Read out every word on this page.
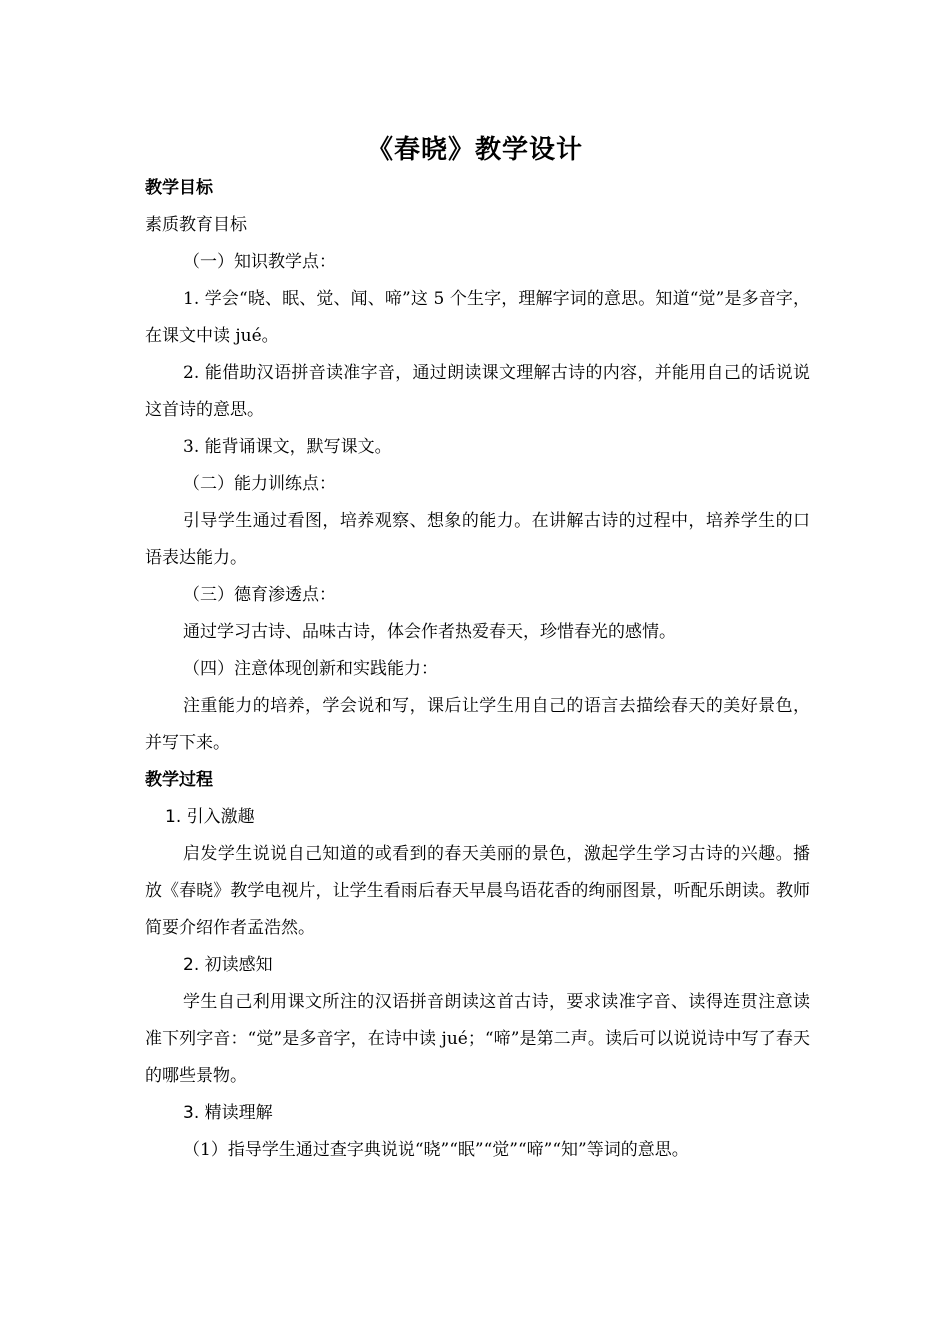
《春晓》教学设计

教学目标

素质教育目标

（一）知识教学点：

1. 学会“晓、眠、觉、闻、啼”这 5 个生字，理解字词的意思。知道“觉”是多音字，在课文中读 jué。

2. 能借助汉语拼音读准字音，通过朗读课文理解古诗的内容，并能用自己的话说说这首诗的意思。

3. 能背诵课文，默写课文。

（二）能力训练点：

引导学生通过看图，培养观察、想象的能力。在讲解古诗的过程中，培养学生的口语表达能力。

（三）德育渗透点：

通过学习古诗、品味古诗，体会作者热爱春天，珍惜春光的感情。

（四）注意体现创新和实践能力：

注重能力的培养，学会说和写，课后让学生用自己的语言去描绘春天的美好景色，并写下来。

教学过程

1. 引入激趣

启发学生说说自己知道的或看到的春天美丽的景色，激起学生学习古诗的兴趣。播放《春晓》教学电视片，让学生看雨后春天早晨鸟语花香的绚丽图景，听配乐朗读。教师简要介绍作者孟浩然。

2. 初读感知

学生自己利用课文所注的汉语拼音朗读这首古诗，要求读准字音、读得连贯注意读准下列字音：“觉”是多音字，在诗中读 jué；“啼”是第二声。读后可以说说诗中写了春天的哪些景物。

3. 精读理解

（1）指导学生通过查字典说说“晓”“眠”“觉”“啼”“知”等词的意思。
